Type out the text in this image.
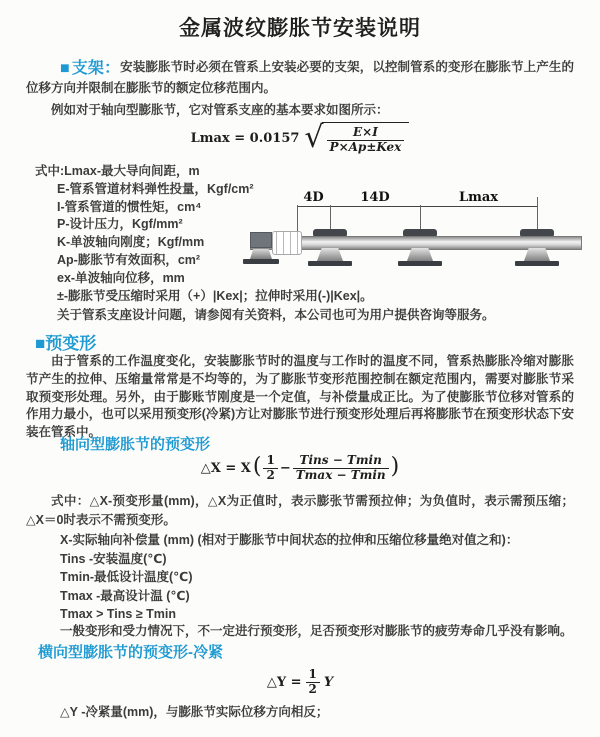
金属波纹膨胀节安装说明
■支架：安装膨胀节时必须在管系上安装必要的支架，以控制管系的变形在膨胀节上产生的位移方向并限制在膨胀节的额定位移范围内。
例如对于轴向型膨胀节，它对管系支座的基本要求如图所示：
Lmax = 0.0157 √ $\frac{E\times I}{\text{P×Ap±Kex}}$
式中:Lmax-最大导向间距，m
E-管系管道材料弹性投量，Kgf/cm²
I-管系管道的惯性矩，cm⁴
P-设计压力，Kgf/mm²
K-单波轴向刚度；Kgf/mm
Ap-膨胀节有效面积，cm²
ex-单波轴向位移，mm
±-膨胀节受压缩时采用（+）|Kex|；拉伸时采用(-)|Kex|。
关于管系支座设计问题，请参阅有关资料，本公司也可为用户提供咨询等服务。
4D	14D	Lmax
■预变形
由于管系的工作温度变化，安装膨胀节时的温度与工作时的温度不同，管系热膨胀冷缩对膨胀节产生的拉伸、压缩量常常是不均等的，为了膨胀节变形范围控制在额定范围内，需要对膨胀节采取预变形处理。另外，由于膨账节刚度是一个定值，与补偿量成正比。为了使膨胀节位移对管系的作用力最小，也可以采用预变形(冷紧)方让对膨胀节进行预变形处理后再将膨胀节在预变形状态下安装在管系中。
轴向型膨胀节的预变形
△X = X ( $\frac{1}{2} - \frac{\text{Tins − Tmin}}{Tmax - Tmin}$ )
式中：△X-预变形量(mm)，△X为正值时，表示膨张节需预拉伸；为负值时，表示需预压缩；△X＝0时表示不需预变形。
X-实际轴向补偿量 (mm) (相对于膨胀节中间状态的拉伸和压缩位移量绝对值之和)：
Tins -安装温度(℃)
Tmin-最低设计温度(℃)
Tmax -最高设计温 (℃)
Tmax > Tins ≥ Tmin
一般变形和受力情况下，不一定进行预变形，足否预变形对膨胀节的疲劳寿命几乎没有影响。
横向型膨胀节的预变形-冷紧
△Y = $\frac{1}{2}$ Y
△Y -冷紧量(mm)，与膨胀节实际位移方向相反；
